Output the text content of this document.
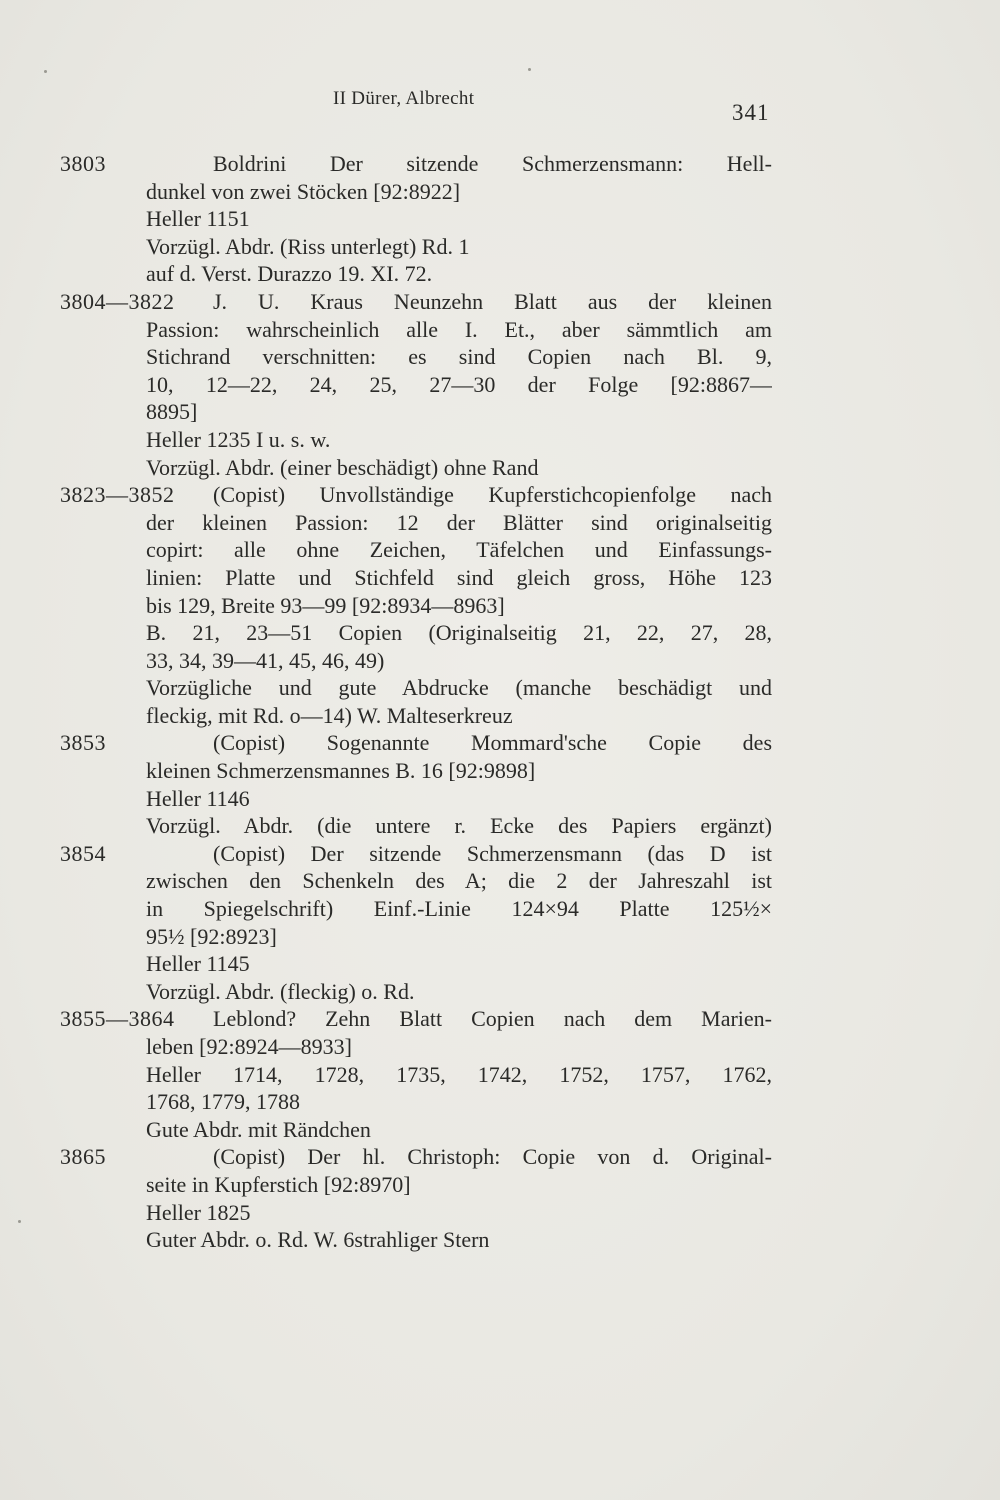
II Dürer, Albrecht
341
3803	Boldrini Der sitzende Schmerzensmann: Hell-
dunkel von zwei Stöcken [92:8922]
Heller 1151
Vorzügl. Abdr. (Riss unterlegt) Rd. 1
auf d. Verst. Durazzo 19. XI. 72.
3804—3822 J. U. Kraus Neunzehn Blatt aus der kleinen
Passion: wahrscheinlich alle I. Et., aber sämmtlich am
Stichrand verschnitten: es sind Copien nach Bl. 9,
10, 12—22, 24, 25, 27—30 der Folge [92:8867—
8895]
Heller 1235 I u. s. w.
Vorzügl. Abdr. (einer beschädigt) ohne Rand
3823—3852 (Copist) Unvollständige Kupferstichcopienfolge nach
der kleinen Passion: 12 der Blätter sind originalseitig
copirt: alle ohne Zeichen, Täfelchen und Einfassungs-
linien: Platte und Stichfeld sind gleich gross, Höhe 123
bis 129, Breite 93—99 [92:8934—8963]
B. 21, 23—51 Copien (Originalseitig 21, 22, 27, 28,
33, 34, 39—41, 45, 46, 49)
Vorzügliche und gute Abdrucke (manche beschädigt und
fleckig, mit Rd. o—14) W. Malteserkreuz
3853	(Copist) Sogenannte Mommard'sche Copie des
kleinen Schmerzensmannes B. 16 [92:9898]
Heller 1146
Vorzügl. Abdr. (die untere r. Ecke des Papiers ergänzt)
3854	(Copist) Der sitzende Schmerzensmann (das D ist
zwischen den Schenkeln des A; die 2 der Jahreszahl ist
in Spiegelschrift) Einf.-Linie 124×94 Platte 125½×
95½ [92:8923]
Heller 1145
Vorzügl. Abdr. (fleckig) o. Rd.
3855—3864 Leblond? Zehn Blatt Copien nach dem Marien-
leben [92:8924—8933]
Heller 1714, 1728, 1735, 1742, 1752, 1757, 1762,
1768, 1779, 1788
Gute Abdr. mit Rändchen
3865	(Copist) Der hl. Christoph: Copie von d. Original-
seite in Kupferstich [92:8970]
Heller 1825
Guter Abdr. o. Rd. W. 6strahliger Stern
